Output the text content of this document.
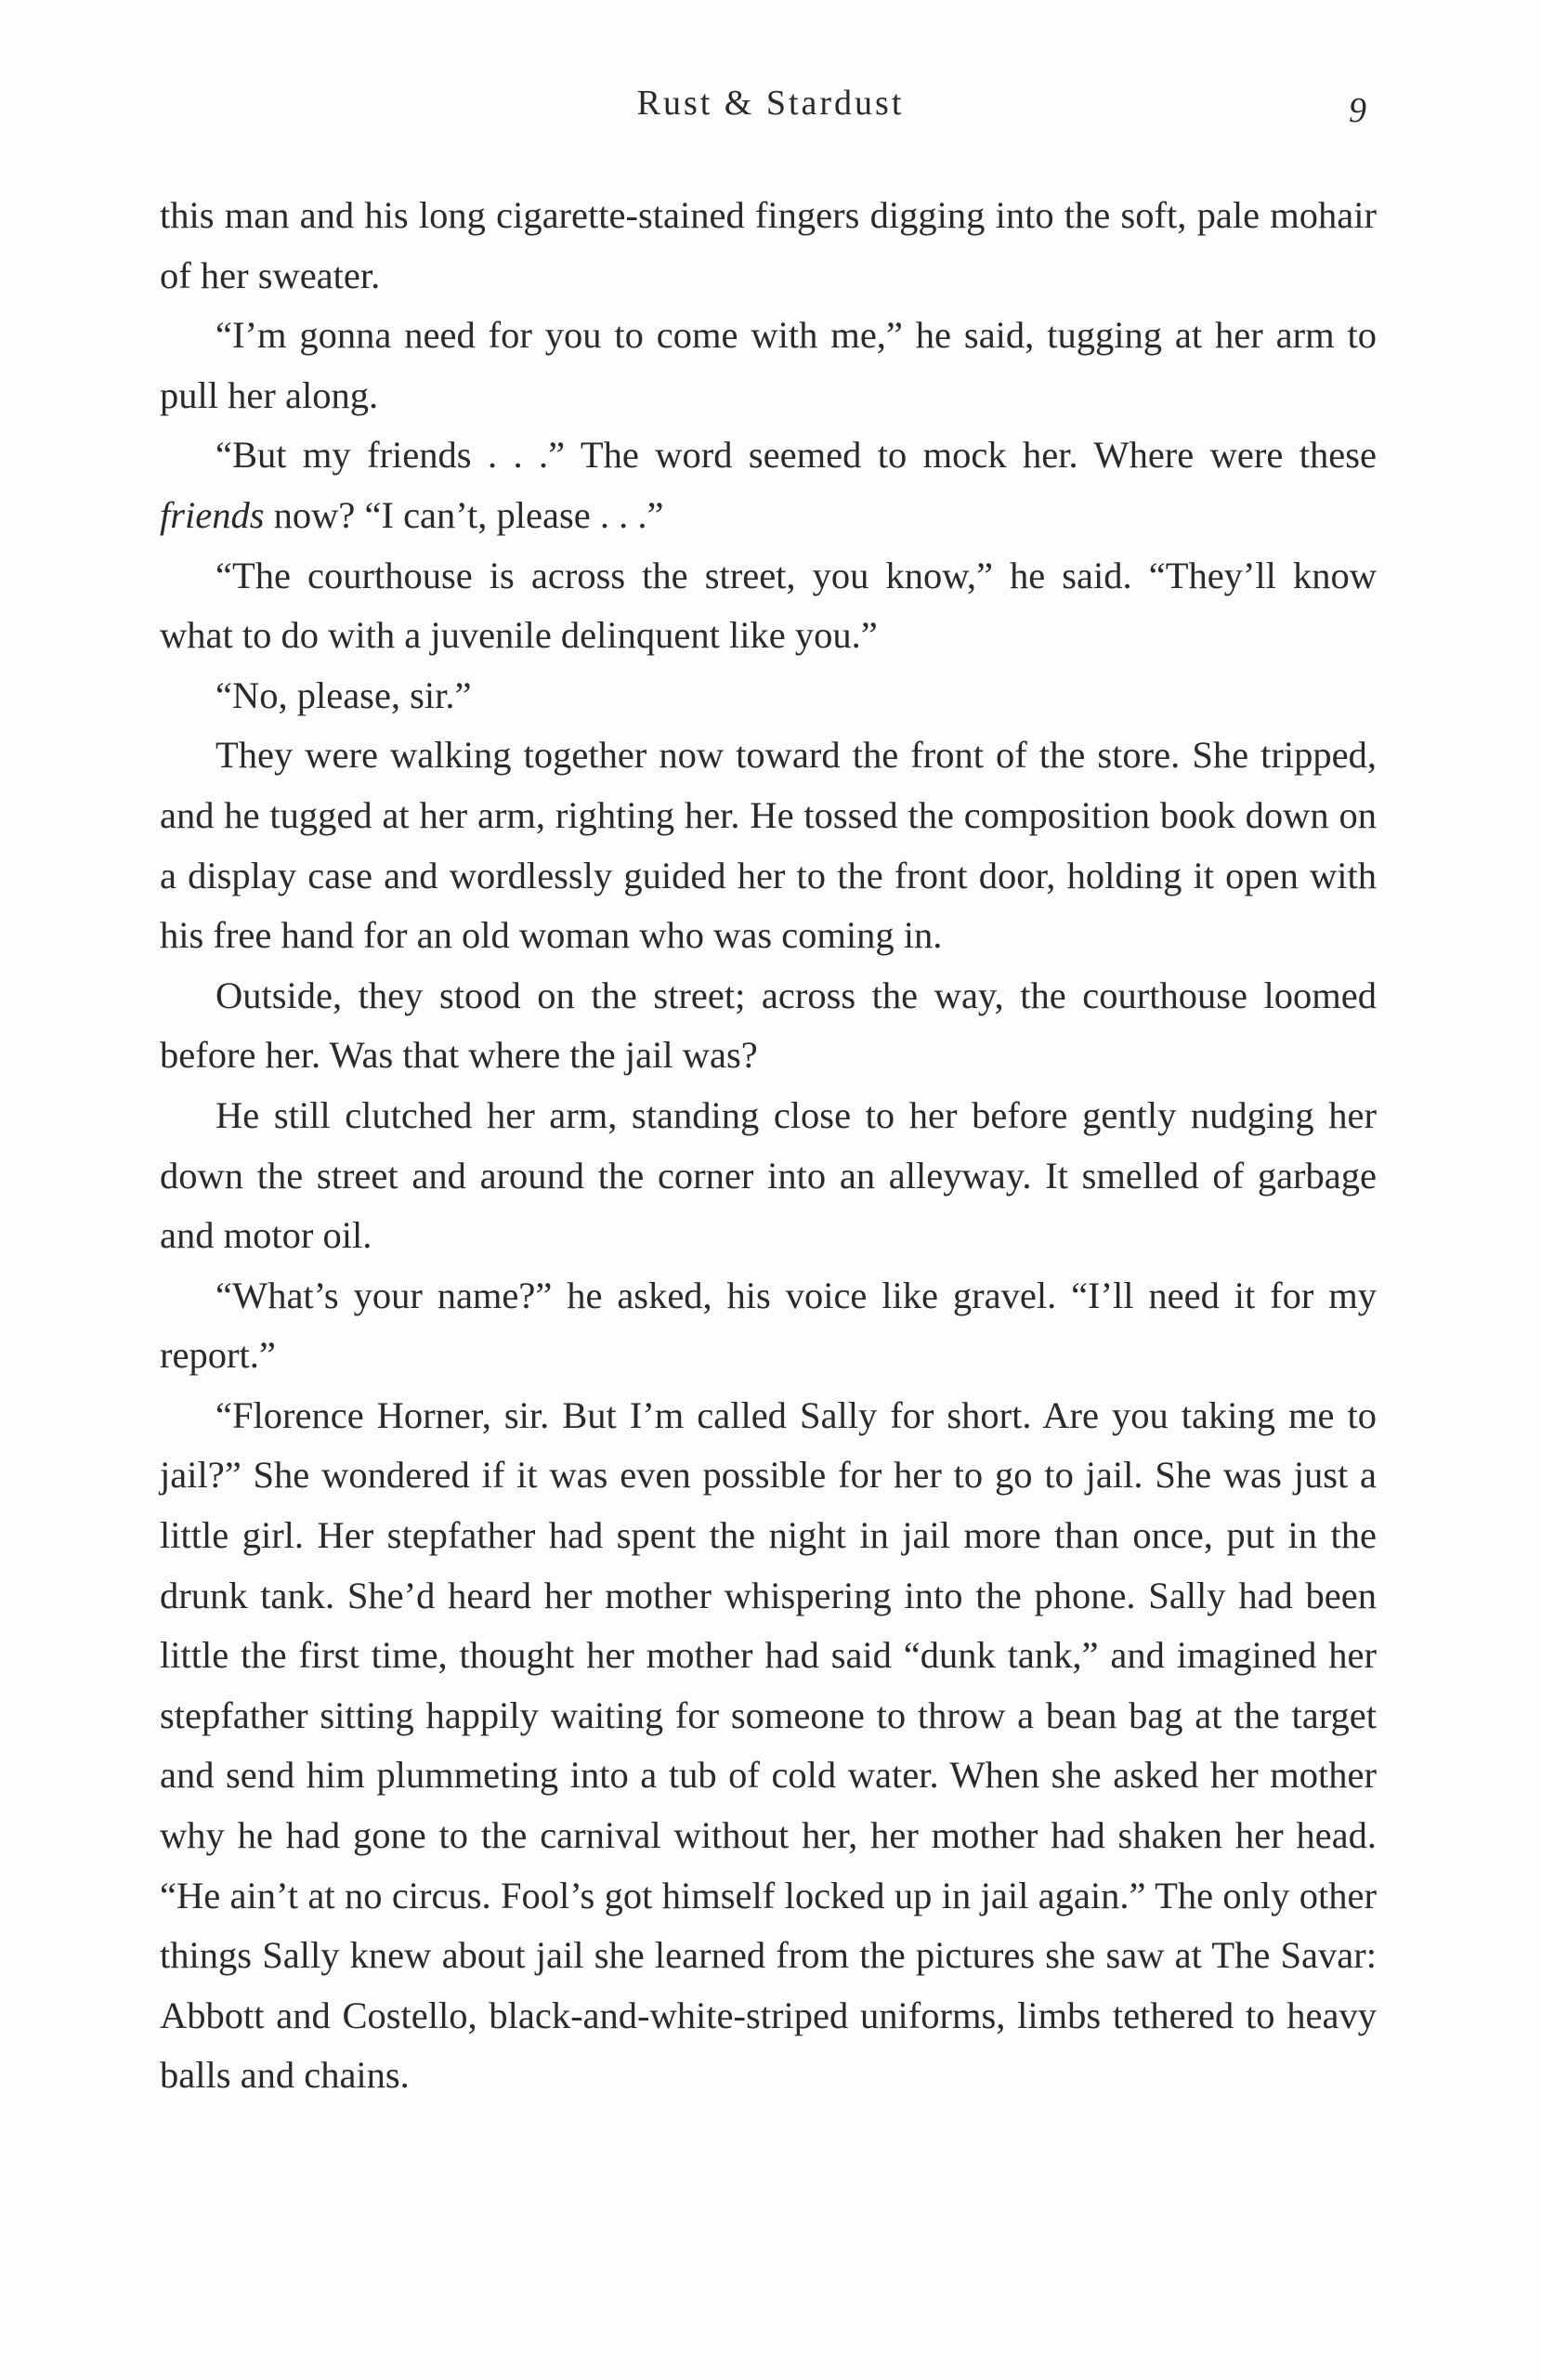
Rust & Stardust	9

this man and his long cigarette-stained fingers digging into the soft, pale mohair of her sweater.

“I’m gonna need for you to come with me,” he said, tugging at her arm to pull her along.

“But my friends . . .” The word seemed to mock her. Where were these friends now? “I can’t, please . . .”

“The courthouse is across the street, you know,” he said. “They’ll know what to do with a juvenile delinquent like you.”

“No, please, sir.”

They were walking together now toward the front of the store. She tripped, and he tugged at her arm, righting her. He tossed the composition book down on a display case and wordlessly guided her to the front door, holding it open with his free hand for an old woman who was coming in.

Outside, they stood on the street; across the way, the courthouse loomed before her. Was that where the jail was?

He still clutched her arm, standing close to her before gently nudging her down the street and around the corner into an alleyway. It smelled of garbage and motor oil.

“What’s your name?” he asked, his voice like gravel. “I’ll need it for my report.”

“Florence Horner, sir. But I’m called Sally for short. Are you taking me to jail?” She wondered if it was even possible for her to go to jail. She was just a little girl. Her stepfather had spent the night in jail more than once, put in the drunk tank. She’d heard her mother whispering into the phone. Sally had been little the first time, thought her mother had said “dunk tank,” and imagined her stepfather sitting happily waiting for someone to throw a bean bag at the target and send him plummeting into a tub of cold water. When she asked her mother why he had gone to the carnival without her, her mother had shaken her head. “He ain’t at no circus. Fool’s got himself locked up in jail again.” The only other things Sally knew about jail she learned from the pictures she saw at The Savar: Abbott and Costello, black-and-white-striped uniforms, limbs tethered to heavy balls and chains.
